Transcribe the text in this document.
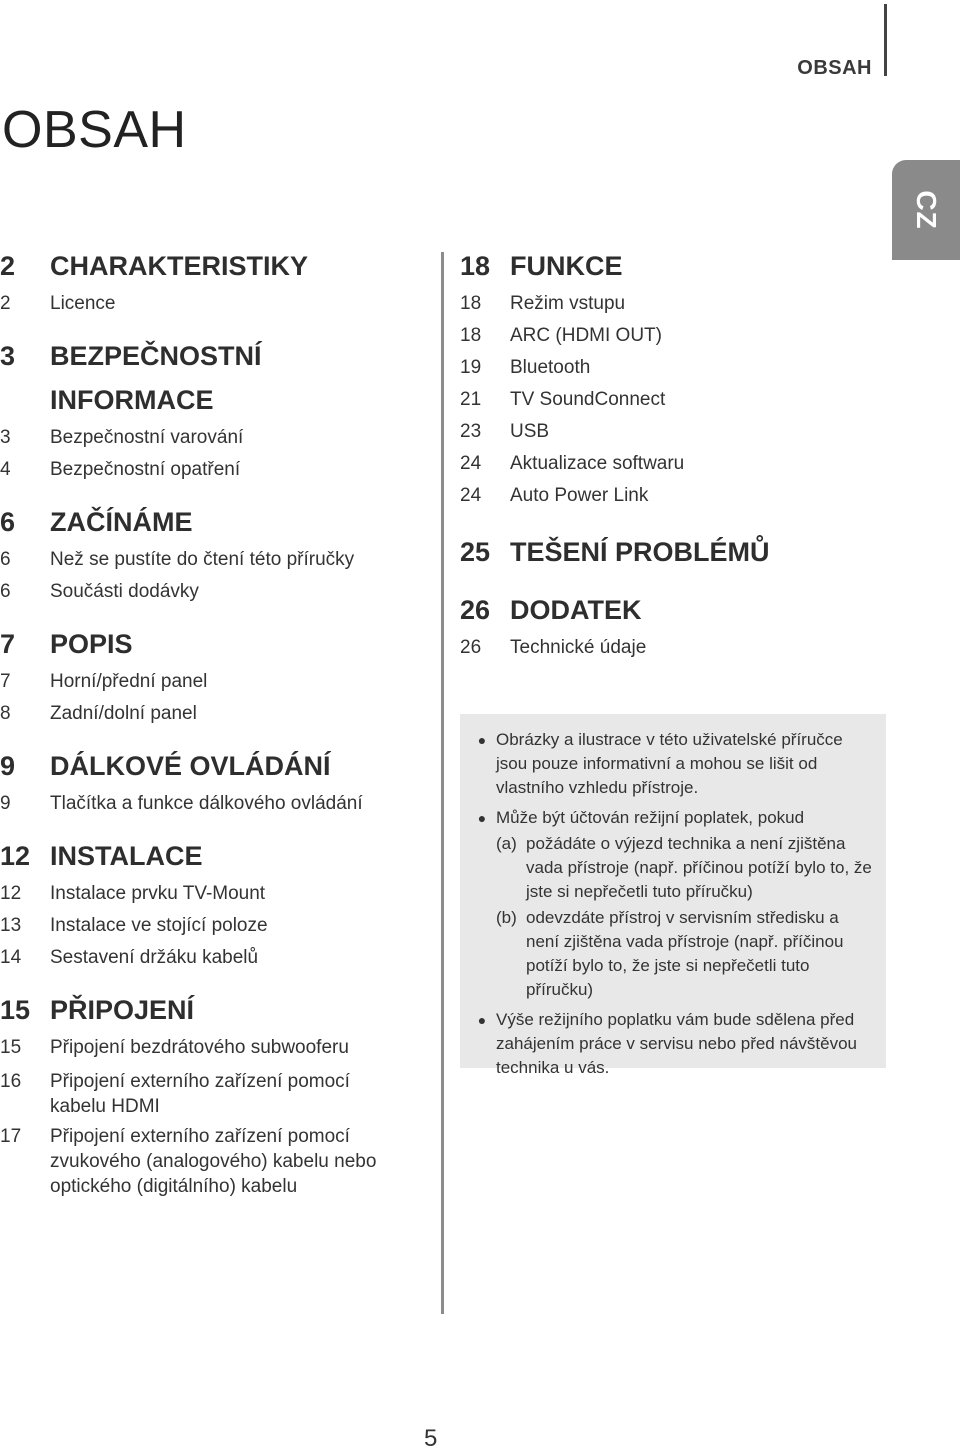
OBSAH
OBSAH
CZ
2	CHARAKTERISTIKY
2	Licence
3	BEZPEČNOSTNÍ INFORMACE
3	Bezpečnostní varování
4	Bezpečnostní opatření
6	ZAČÍNÁME
6	Než se pustíte do čtení této příručky
6	Součásti dodávky
7	POPIS
7	Horní/přední panel
8	Zadní/dolní panel
9	DÁLKOVÉ OVLÁDÁNÍ
9	Tlačítka a funkce dálkového ovládání
12 INSTALACE
12	Instalace prvku TV-Mount
13	Instalace ve stojící poloze
14	Sestavení držáku kabelů
15 PŘIPOJENÍ
15	Připojení bezdrátového subwooferu
16	Připojení externího zařízení pomocí kabelu HDMI
17	Připojení externího zařízení pomocí zvukového (analogového) kabelu nebo optického (digitálního) kabelu
18 FUNKCE
18	Režim vstupu
18	ARC (HDMI OUT)
19	Bluetooth
21	TV SoundConnect
23	USB
24	Aktualizace softwaru
24	Auto Power Link
25 TEŠENÍ PROBLÉMŮ
26 DODATEK
26	Technické údaje
● Obrázky a ilustrace v této uživatelské příručce jsou pouze informativní a mohou se lišit od vlastního vzhledu přístroje.
● Může být účtován režijní poplatek, pokud
(a) požádáte o výjezd technika a není zjištěna vada přístroje (např. příčinou potíží bylo to, že jste si nepřečetli tuto příručku)
(b) odevzdáte přístroj v servisním středisku a není zjištěna vada přístroje (např. příčinou potíží bylo to, že jste si nepřečetli tuto příručku)
● Výše režijního poplatku vám bude sdělena před zahájením práce v servisu nebo před návštěvou technika u vás.
5
